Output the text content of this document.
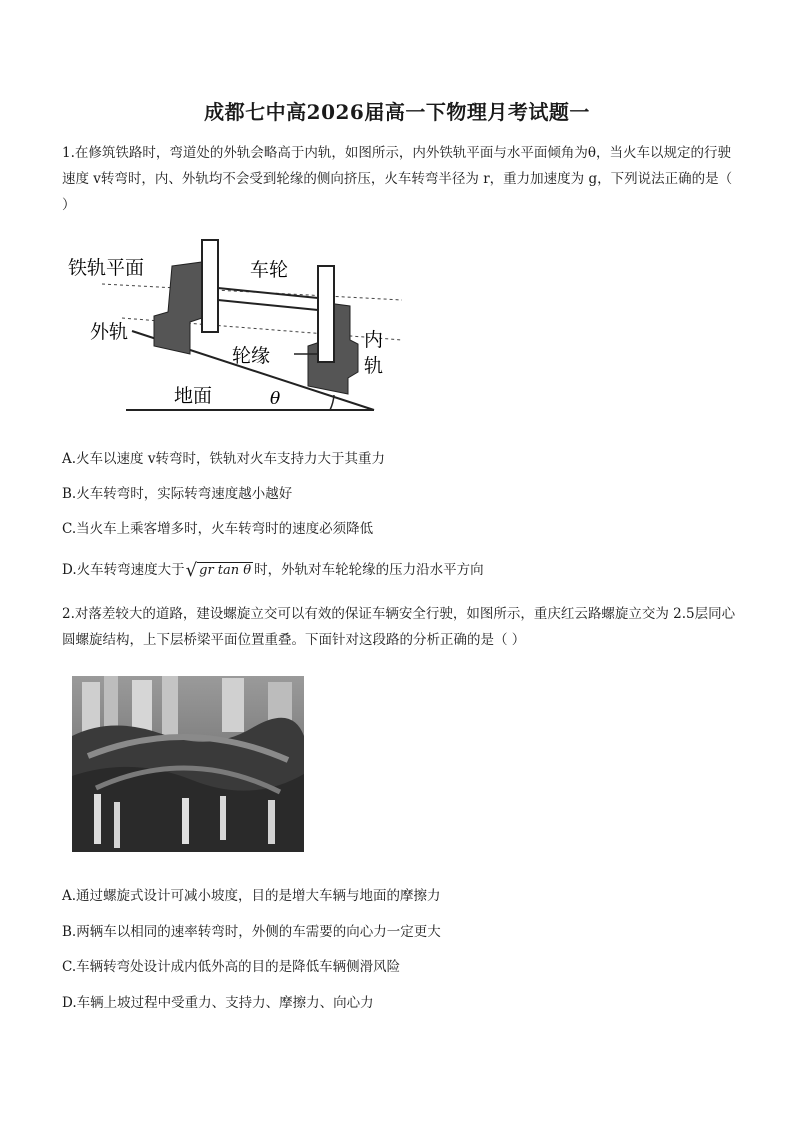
成都七中高2026届高一下物理月考试题一
1.在修筑铁路时，弯道处的外轨会略高于内轨，如图所示，内外铁轨平面与水平面倾角为θ，当火车以规定的行驶速度 v转弯时，内、外轨均不会受到轮缘的侧向挤压，火车转弯半径为 r，重力加速度为 g，下列说法正确的是（ ）
铁轨平面	车轮
外轨
轮缘
内
轨
地面	θ
A.火车以速度 v转弯时，铁轨对火车支持力大于其重力
B.火车转弯时，实际转弯速度越小越好
C.当火车上乘客增多时，火车转弯时的速度必须降低
D.火车转弯速度大于√ gr tan θ 时，外轨对车轮轮缘的压力沿水平方向
2.对落差较大的道路，建设螺旋立交可以有效的保证车辆安全行驶，如图所示，重庆红云路螺旋立交为 2.5层同心圆螺旋结构，上下层桥梁平面位置重叠。下面针对这段路的分析正确的是（ ）
A.通过螺旋式设计可减小坡度，目的是增大车辆与地面的摩擦力
B.两辆车以相同的速率转弯时，外侧的车需要的向心力一定更大
C.车辆转弯处设计成内低外高的目的是降低车辆侧滑风险
D.车辆上坡过程中受重力、支持力、摩擦力、向心力
